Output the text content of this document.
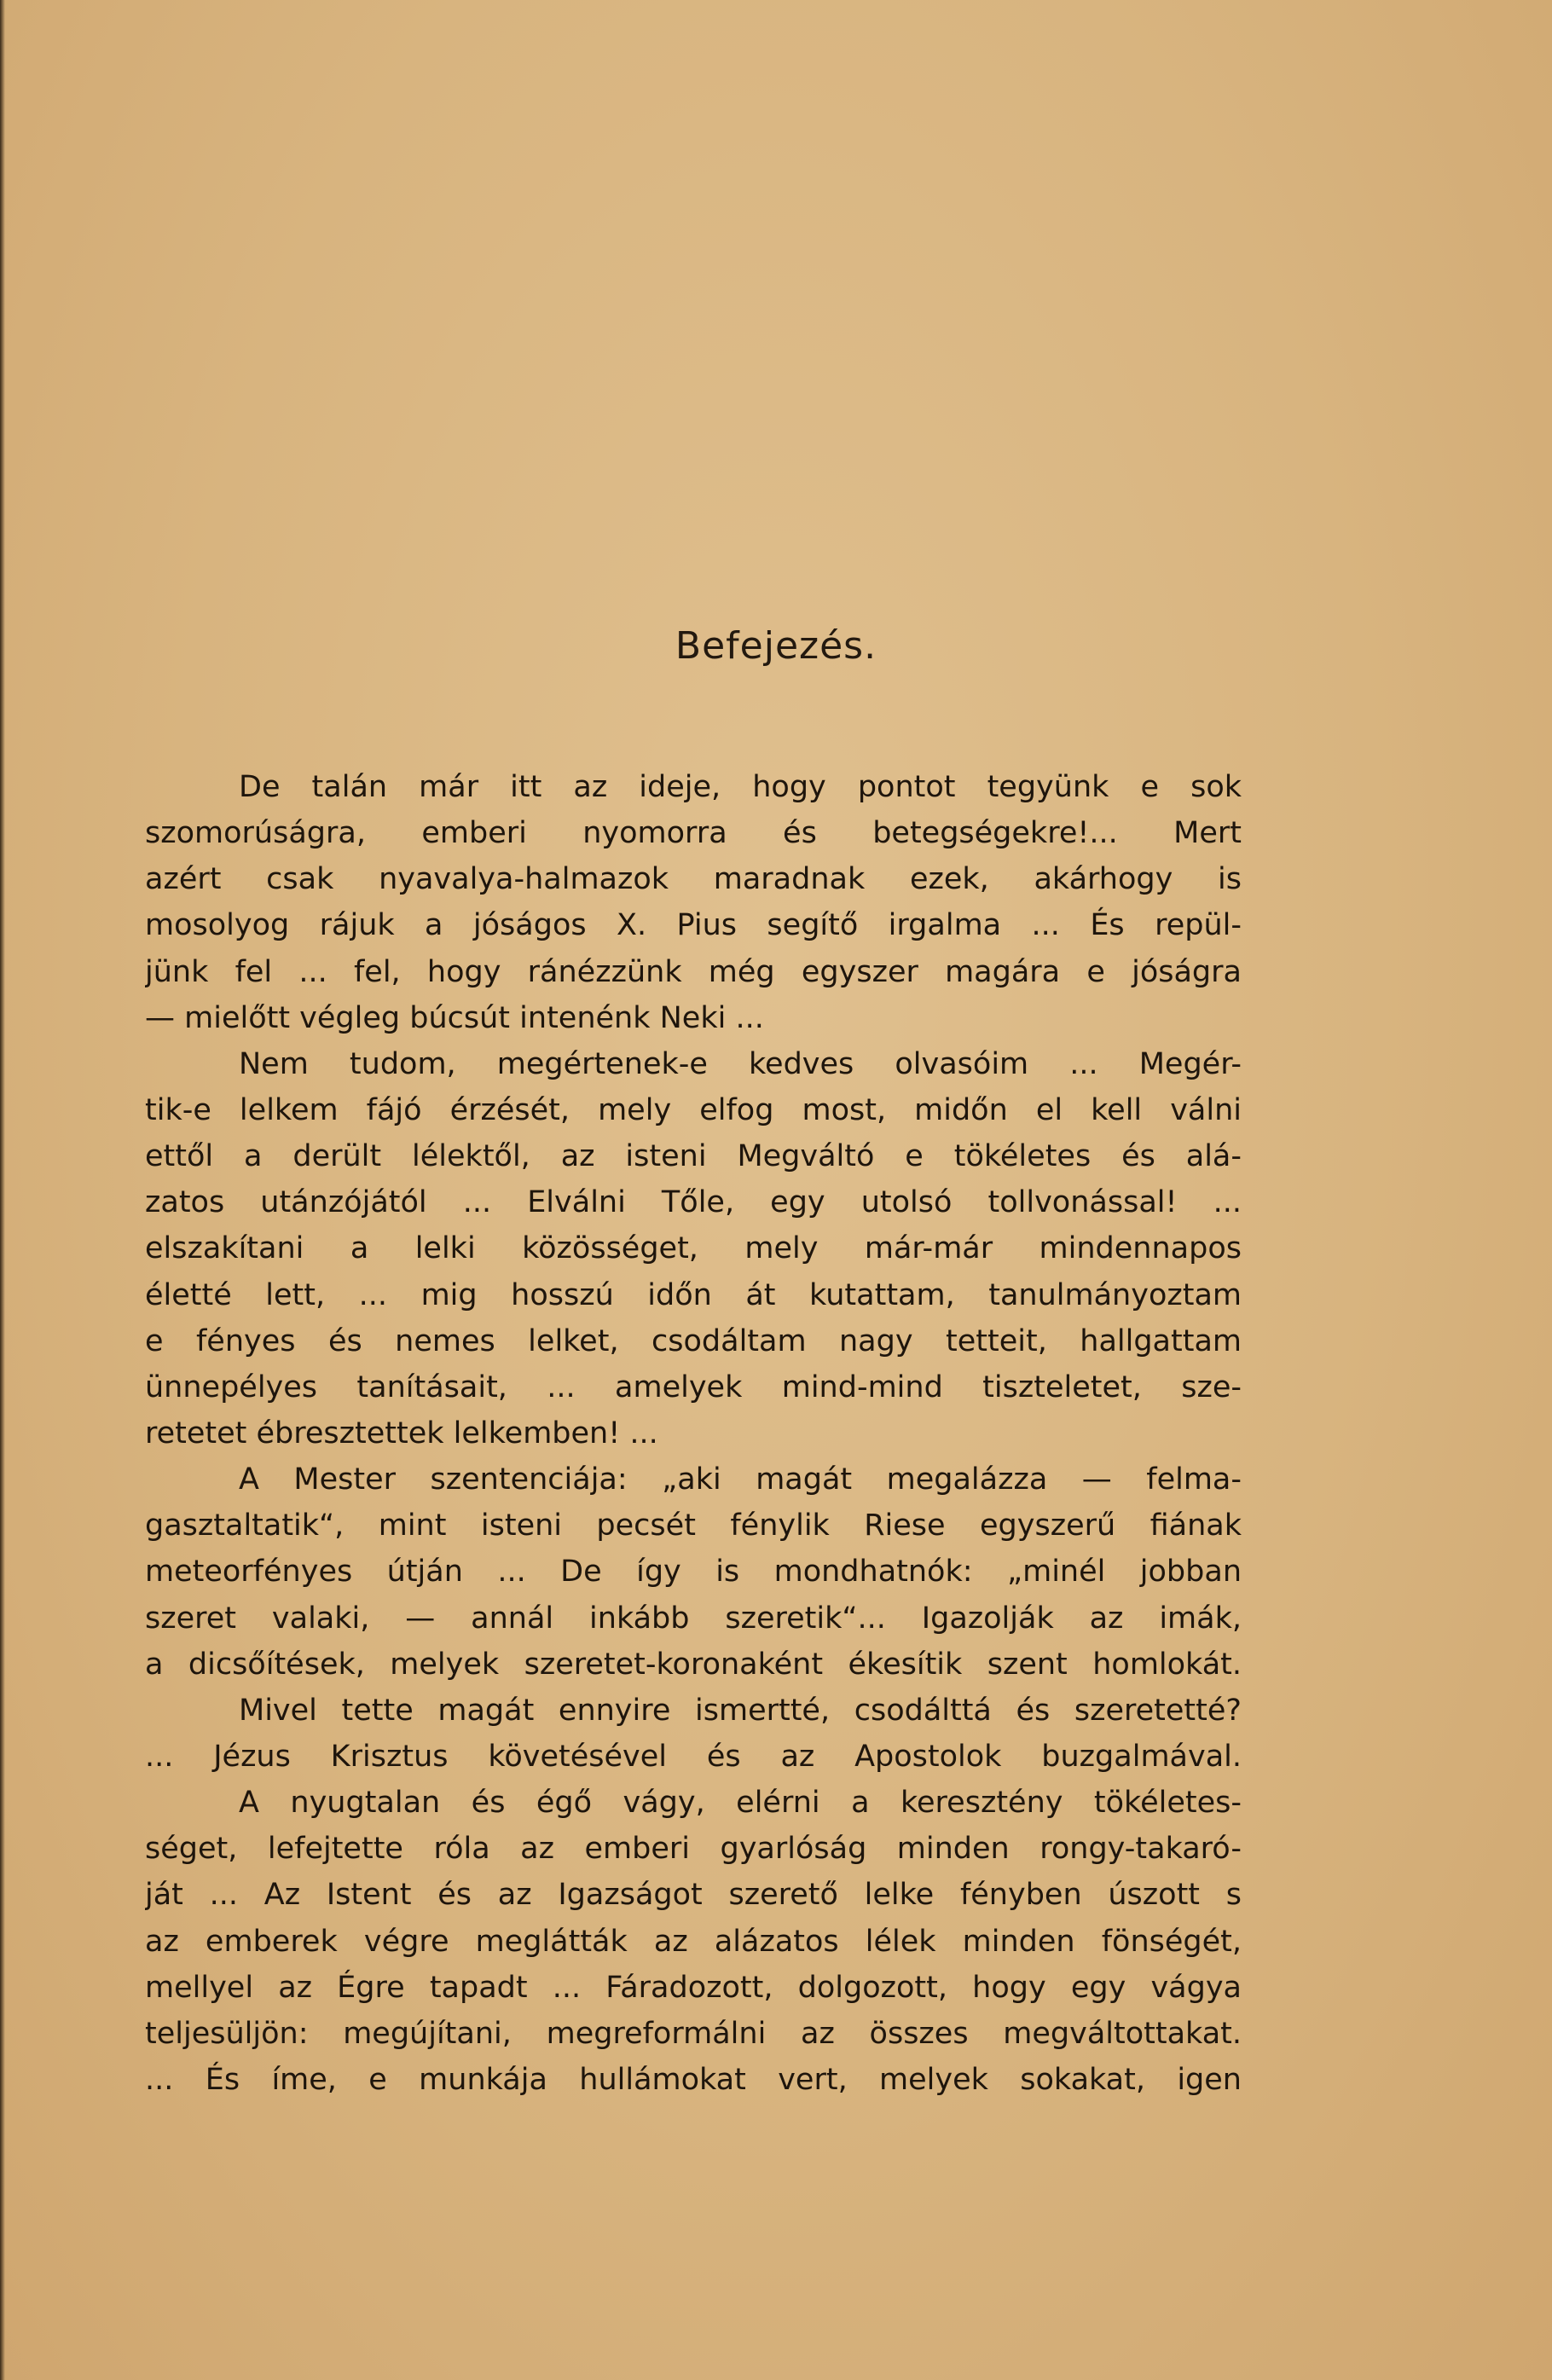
Befejezés.
De talán már itt az ideje, hogy pontot tegyünk e sok
szomorúságra, emberi nyomorra és betegségekre!... Mert
azért csak nyavalya-halmazok maradnak ezek, akárhogy is
mosolyog rájuk a jóságos X. Pius segítő irgalma ... És repül-
jünk fel ... fel, hogy ránézzünk még egyszer magára e jóságra
— mielőtt végleg búcsút intenénk Neki ...
Nem tudom, megértenek-e kedves olvasóim ... Megér-
tik-e lelkem fájó érzését, mely elfog most, midőn el kell válni
ettől a derült lélektől, az isteni Megváltó e tökéletes és alá-
zatos utánzójától ... Elválni Tőle, egy utolsó tollvonással! ...
elszakítani a lelki közösséget, mely már-már mindennapos
életté lett, ... mig hosszú időn át kutattam, tanulmányoztam
e fényes és nemes lelket, csodáltam nagy tetteit, hallgattam
ünnepélyes tanításait, ... amelyek mind-mind tiszteletet, sze-
retetet ébresztettek lelkemben! ...
A Mester szentenciája: „aki magát megalázza — felma-
gasztaltatik“, mint isteni pecsét fénylik Riese egyszerű fiának
meteorfényes útján ... De így is mondhatnók: „minél jobban
szeret valaki, — annál inkább szeretik“... Igazolják az imák,
a dicsőítések, melyek szeretet-koronaként ékesítik szent homlokát.
Mivel tette magát ennyire ismertté, csodálttá és szeretetté?
... Jézus Krisztus követésével és az Apostolok buzgalmával.
A nyugtalan és égő vágy, elérni a keresztény tökéletes-
séget, lefejtette róla az emberi gyarlóság minden rongy-takaró-
ját ... Az Istent és az Igazságot szerető lelke fényben úszott s
az emberek végre meglátták az alázatos lélek minden fönségét,
mellyel az Égre tapadt ... Fáradozott, dolgozott, hogy egy vágya
teljesüljön: megújítani, megreformálni az összes megváltottakat.
... És íme, e munkája hullámokat vert, melyek sokakat, igen
